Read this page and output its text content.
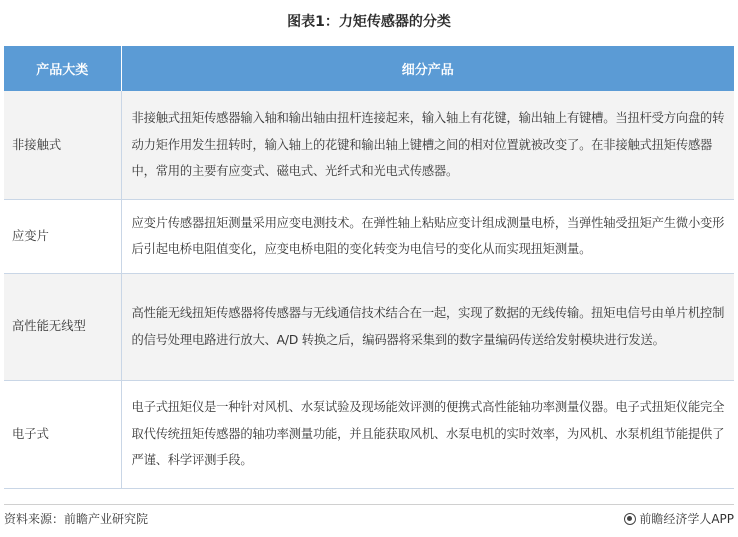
图表1：力矩传感器的分类
产品大类	细分产品
非接触式	非接触式扭矩传感器输入轴和输出轴由扭杆连接起来，输入轴上有花键，输出轴上有键槽。当扭杆受方向盘的转动力矩作用发生扭转时，输入轴上的花键和输出轴上键槽之间的相对位置就被改变了。在非接触式扭矩传感器中，常用的主要有应变式、磁电式、光纤式和光电式传感器。
应变片	应变片传感器扭矩测量采用应变电测技术。在弹性轴上粘贴应变计组成测量电桥，当弹性轴受扭矩产生微小变形后引起电桥电阻值变化，应变电桥电阻的变化转变为电信号的变化从而实现扭矩测量。
高性能无线型	高性能无线扭矩传感器将传感器与无线通信技术结合在一起，实现了数据的无线传输。扭矩电信号由单片机控制的信号处理电路进行放大、A/D 转换之后，编码器将采集到的数字量编码传送给发射模块进行发送。
电子式	电子式扭矩仪是一种针对风机、水泵试验及现场能效评测的便携式高性能轴功率测量仪器。电子式扭矩仪能完全取代传统扭矩传感器的轴功率测量功能，并且能获取风机、水泵电机的实时效率，为风机、水泵机组节能提供了严谨、科学评测手段。
资料来源：前瞻产业研究院	前瞻经济学人APP
